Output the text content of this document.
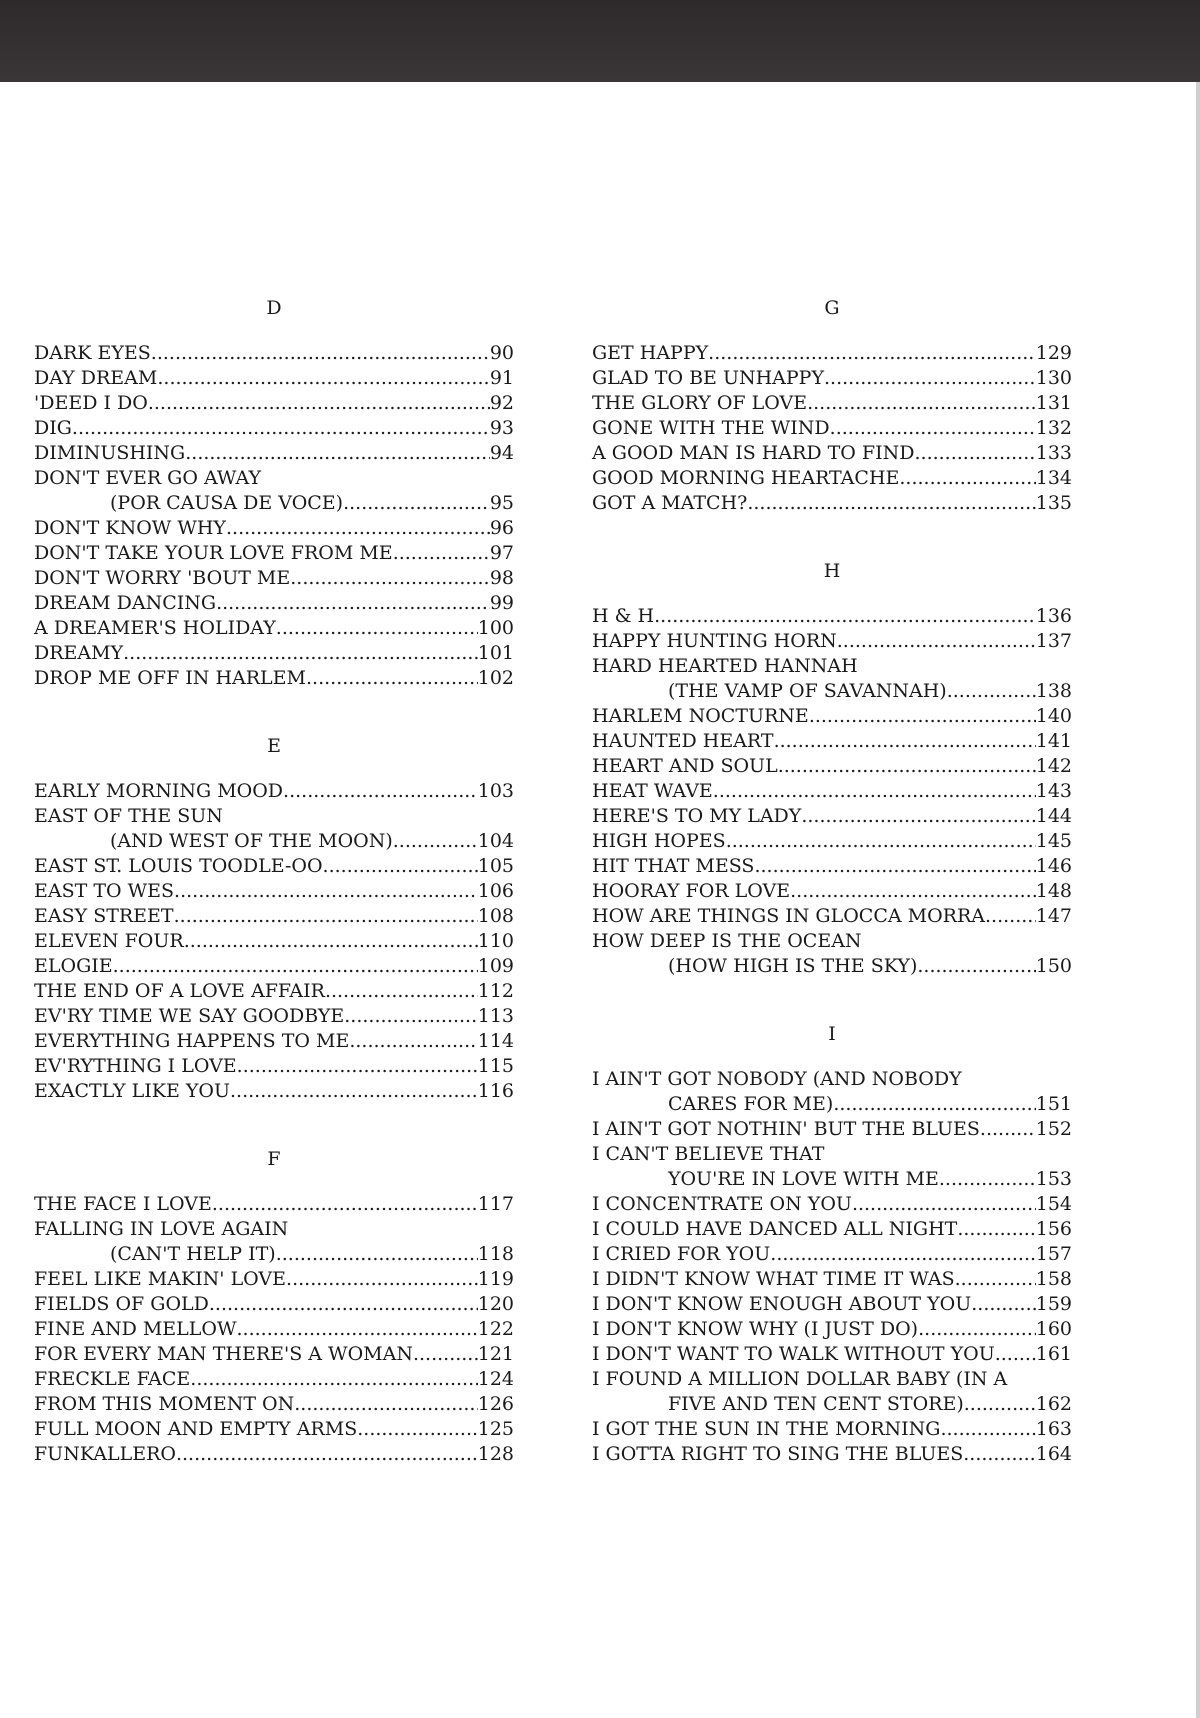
D
DARK EYES .....	90
DAY DREAM .....	91
'DEED I DO .....	92
DIG .....	93
DIMINUSHING .....	94
DON'T EVER GO AWAY
(POR CAUSA DE VOCE) .....	95
DON'T KNOW WHY .....	96
DON'T TAKE YOUR LOVE FROM ME .....	97
DON'T WORRY 'BOUT ME .....	98
DREAM DANCING .....	99
A DREAMER'S HOLIDAY .....	100
DREAMY .....	101
DROP ME OFF IN HARLEM .....	102
E
EARLY MORNING MOOD .....	103
EAST OF THE SUN
(AND WEST OF THE MOON) .....	104
EAST ST. LOUIS TOODLE-OO .....	105
EAST TO WES .....	106
EASY STREET .....	108
ELEVEN FOUR .....	110
ELOGIE .....	109
THE END OF A LOVE AFFAIR .....	112
EV'RY TIME WE SAY GOODBYE .....	113
EVERYTHING HAPPENS TO ME .....	114
EV'RYTHING I LOVE .....	115
EXACTLY LIKE YOU .....	116
F
THE FACE I LOVE .....	117
FALLING IN LOVE AGAIN
(CAN'T HELP IT) .....	118
FEEL LIKE MAKIN' LOVE .....	119
FIELDS OF GOLD .....	120
FINE AND MELLOW .....	122
FOR EVERY MAN THERE'S A WOMAN .....	121
FRECKLE FACE .....	124
FROM THIS MOMENT ON .....	126
FULL MOON AND EMPTY ARMS .....	125
FUNKALLERO .....	128
G
GET HAPPY .....	129
GLAD TO BE UNHAPPY .....	130
THE GLORY OF LOVE .....	131
GONE WITH THE WIND .....	132
A GOOD MAN IS HARD TO FIND .....	133
GOOD MORNING HEARTACHE .....	134
GOT A MATCH? .....	135
H
H & H .....	136
HAPPY HUNTING HORN .....	137
HARD HEARTED HANNAH
(THE VAMP OF SAVANNAH) .....	138
HARLEM NOCTURNE .....	140
HAUNTED HEART .....	141
HEART AND SOUL .....	142
HEAT WAVE .....	143
HERE'S TO MY LADY .....	144
HIGH HOPES .....	145
HIT THAT MESS .....	146
HOORAY FOR LOVE .....	148
HOW ARE THINGS IN GLOCCA MORRA .....	147
HOW DEEP IS THE OCEAN
(HOW HIGH IS THE SKY) .....	150
I
I AIN'T GOT NOBODY (AND NOBODY
CARES FOR ME) .....	151
I AIN'T GOT NOTHIN' BUT THE BLUES .....	152
I CAN'T BELIEVE THAT
YOU'RE IN LOVE WITH ME .....	153
I CONCENTRATE ON YOU .....	154
I COULD HAVE DANCED ALL NIGHT .....	156
I CRIED FOR YOU .....	157
I DIDN'T KNOW WHAT TIME IT WAS .....	158
I DON'T KNOW ENOUGH ABOUT YOU .....	159
I DON'T KNOW WHY (I JUST DO) .....	160
I DON'T WANT TO WALK WITHOUT YOU ..... 161
I FOUND A MILLION DOLLAR BABY (IN A
FIVE AND TEN CENT STORE) .....	162
I GOT THE SUN IN THE MORNING .....	163
I GOTTA RIGHT TO SING THE BLUES .....	164
